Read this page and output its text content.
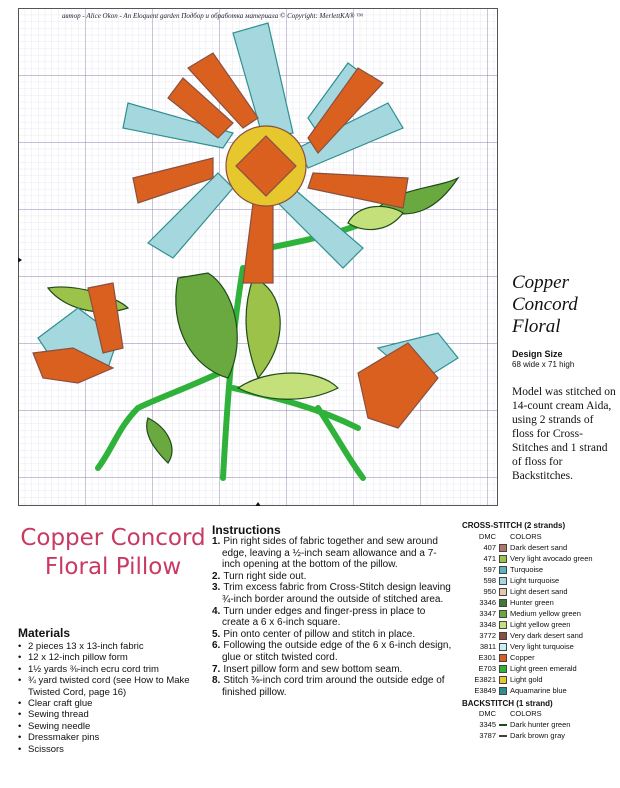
автор - Alice Okon - An Eloquent garden Подбор и обработка материала © Copyright: MerlettKA® ™
Copper Concord Floral
Design Size
68 wide x 71 high
Model was stitched on 14-count cream Aida, using 2 strands of floss for Cross-Stitches and 1 strand of floss for Backstitches.
Copper Concord Floral Pillow
Materials
• 2 pieces 13 x 13-inch fabric
• 12 x 12-inch pillow form
• 1½ yards ⅜-inch ecru cord trim
• ¾ yard twisted cord (see How to Make Twisted Cord, page 16)
• Clear craft glue
• Sewing thread
• Sewing needle
• Dressmaker pins
• Scissors
Instructions
1. Pin right sides of fabric together and sew around edge, leaving a ½-inch seam allowance and a 7-inch opening at the bottom of the pillow.
2. Turn right side out.
3. Trim excess fabric from Cross-Stitch design leaving ¾-inch border around the outside of stitched area.
4. Turn under edges and finger-press in place to create a 6 x 6-inch square.
5. Pin onto center of pillow and stitch in place.
6. Following the outside edge of the 6 x 6-inch design, glue or stitch twisted cord.
7. Insert pillow form and sew bottom seam.
8. Stitch ⅜-inch cord trim around the outside edge of finished pillow.
CROSS-STITCH (2 strands)
DMC	COLORS
407 Dark desert sand
471 Very light avocado green
597 Turquoise
598 Light turquoise
950 Light desert sand
3346 Hunter green
3347 Medium yellow green
3348 Light yellow green
3772 Very dark desert sand
3811 Very light turquoise
E301 Copper
E703 Light green emerald
E3821 Light gold
E3849 Aquamarine blue
BACKSTITCH (1 strand)
DMC	COLORS
3345 Dark hunter green
3787 Dark brown gray
